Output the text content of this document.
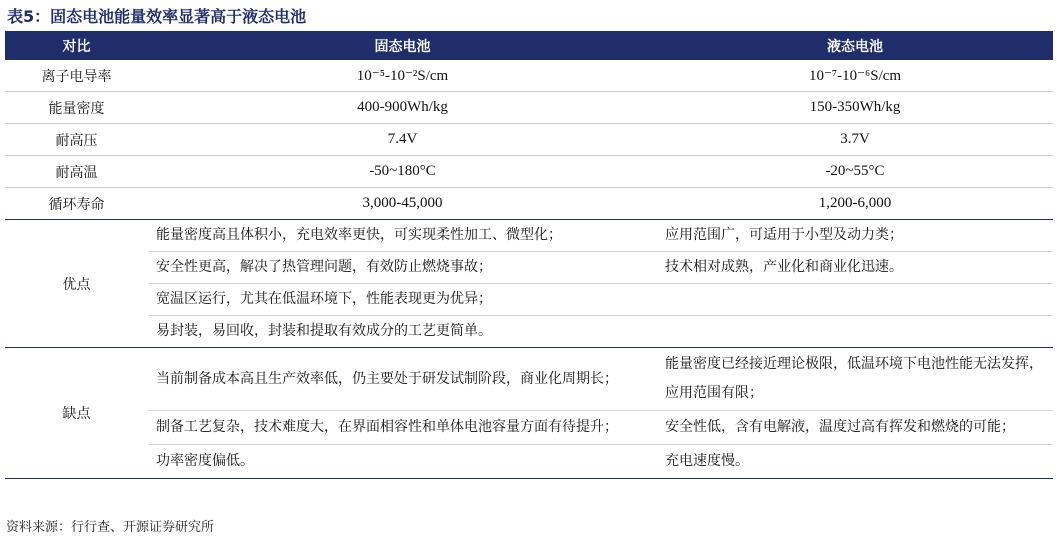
表5：固态电池能量效率显著高于液态电池
对比	固态电池	液态电池
离子电导率	10⁻⁵-10⁻²S/cm	10⁻⁷-10⁻⁶S/cm
能量密度	400-900Wh/kg	150-350Wh/kg
耐高压	7.4V	3.7V
耐高温	-50~180°C	-20~55°C
循环寿命	3,000-45,000	1,200-6,000
优点	能量密度高且体积小，充电效率更快，可实现柔性加工、微型化；	应用范围广，可适用于小型及动力类；
	安全性更高，解决了热管理问题，有效防止燃烧事故；	技术相对成熟，产业化和商业化迅速。
	宽温区运行，尤其在低温环境下，性能表现更为优异；	
	易封装，易回收，封装和提取有效成分的工艺更简单。	
缺点	当前制备成本高且生产效率低，仍主要处于研发试制阶段，商业化周期长；	能量密度已经接近理论极限，低温环境下电池性能无法发挥，应用范围有限；
	制备工艺复杂，技术难度大，在界面相容性和单体电池容量方面有待提升；	安全性低，含有电解液，温度过高有挥发和燃烧的可能；
	功率密度偏低。	充电速度慢。
资料来源：行行查、开源证券研究所
